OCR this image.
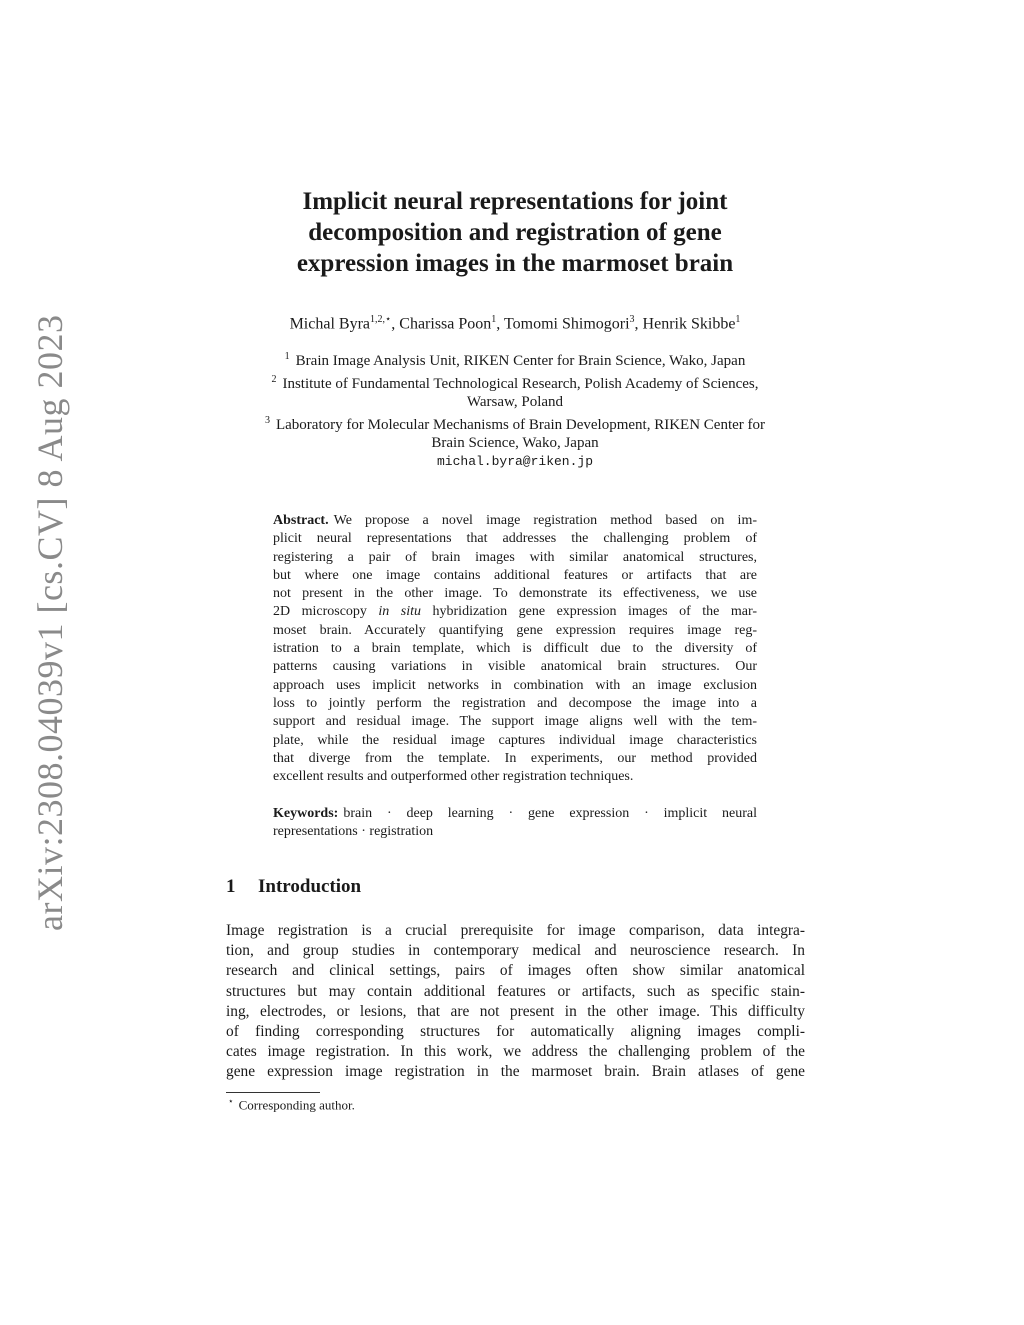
arXiv:2308.04039v1 [cs.CV] 8 Aug 2023
Implicit neural representations for joint
decomposition and registration of gene
expression images in the marmoset brain
Michal Byra$^{1,2,⋆}$, Charissa Poon$^1$, Tomomi Shimogori$^3$, Henrik Skibbe$^1$
$^1$ Brain Image Analysis Unit, RIKEN Center for Brain Science, Wako, Japan
$^2$ Institute of Fundamental Technological Research, Polish Academy of Sciences,
Warsaw, Poland
$^3$ Laboratory for Molecular Mechanisms of Brain Development, RIKEN Center for
Brain Science, Wako, Japan
michal.byra@riken.jp
Abstract. We propose a novel image registration method based on im-
plicit neural representations that addresses the challenging problem of
registering a pair of brain images with similar anatomical structures,
but where one image contains additional features or artifacts that are
not present in the other image. To demonstrate its effectiveness, we use
2D microscopy in situ hybridization gene expression images of the mar-
moset brain. Accurately quantifying gene expression requires image reg-
istration to a brain template, which is difficult due to the diversity of
patterns causing variations in visible anatomical brain structures. Our
approach uses implicit networks in combination with an image exclusion
loss to jointly perform the registration and decompose the image into a
support and residual image. The support image aligns well with the tem-
plate, while the residual image captures individual image characteristics
that diverge from the template. In experiments, our method provided
excellent results and outperformed other registration techniques.
Keywords: brain · deep learning · gene expression · implicit neural
representations · registration
1 Introduction
Image registration is a crucial prerequisite for image comparison, data integra-
tion, and group studies in contemporary medical and neuroscience research. In
research and clinical settings, pairs of images often show similar anatomical
structures but may contain additional features or artifacts, such as specific stain-
ing, electrodes, or lesions, that are not present in the other image. This difficulty
of finding corresponding structures for automatically aligning images compli-
cates image registration. In this work, we address the challenging problem of the
gene expression image registration in the marmoset brain. Brain atlases of gene
⋆ Corresponding author.
